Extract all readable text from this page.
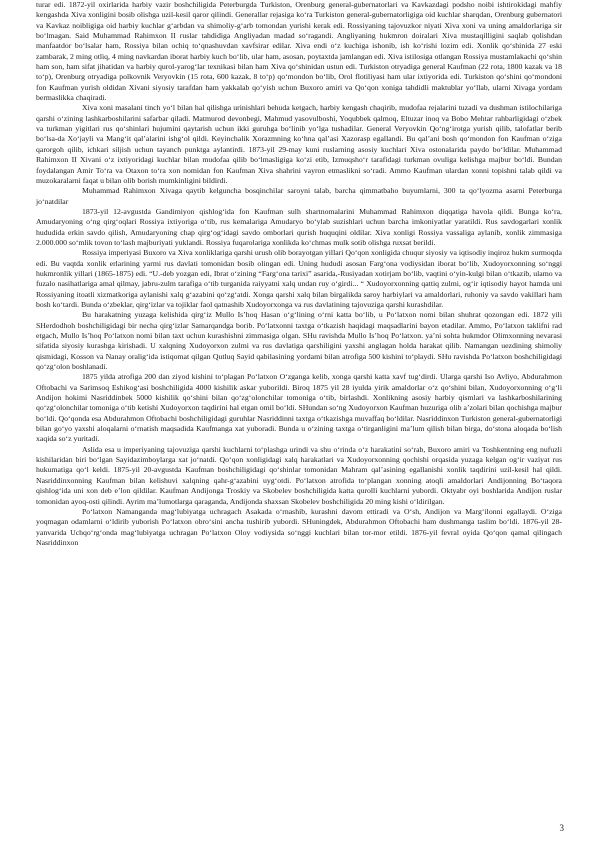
turar edi. 1872-yil oxirlarida harbiy vazir boshchiligida Peterburgda Turkiston, Orenburg general-gubernatorlari va Kavkazdagi podsho noibi ishtirokidagi mahfiy kengashda Xiva xonligini bosib olishga uzil-kesil qaror qilindi. Generallar rejasiga ko‘ra Turkiston general-gubernatorligiga oid kuchlar sharqdan, Orenburg gubernatori va Kavkaz noibligiga oid harbiy kuchlar g‘arbdan va shimoliy-g‘arb tomondan yurishi kerak edi. Rossiyaning tajovuzkor niyati Xiva xoni va uning amaldorlariga sir bo‘lmagan. Said Muhammad Rahimxon II ruslar tahdidiga Angliyadan madad so‘ragandi. Angliyaning hukmron doiralari Xiva mustaqilligini saqlab qolishdan manfaatdor bo‘lsalar ham, Rossiya bilan ochiq to‘qnashuvdan xavfsirar edilar. Xiva endi o‘z kuchiga ishonib, ish ko‘rishi lozim edi. Xonlik qo‘shinida 27 eski zambarak, 2 ming otliq, 4 ming navkardan iborat harbiy kuch bo‘lib, ular ham, asosan, poytaxtda jamlangan edi. Xiva istilosiga otlangan Rossiya mustamlakachi qo‘shin ham son, ham sifat jihatidan va harbiy qurol-yarog‘lar texnikasi bilan ham Xiva qo‘shinidan ustun edi. Turkiston otryadiga general Kaufman (22 rota, 1800 kazak va 18 to‘p), Orenburg otryadiga polkovnik Veryovkin (15 rota, 600 kazak, 8 to‘p) qo‘mondon bo‘lib, Orol flotiliyasi ham ular ixtiyorida edi. Turkiston qo‘shini qo‘mondoni fon Kaufman yurish oldidan Xivani siyosiy tarafdan ham yakkalab qo‘yish uchun Buxoro amiri va Qo‘qon xoniga tahdidli maktublar yo‘llab, ularni Xivaga yordam bermaslikka chaqiradi.

Xiva xoni masalani tinch yo‘l bilan hal qilishga urinishlari behuda ketgach, harbiy kengash chaqirib, mudofaa rejalarini tuzadi va dushman istilochilariga qarshi o‘zining lashkarboshilarini safarbar qiladi. Matmurod devonbegi, Mahmud yasovulboshi, Yoqubbek qalmoq, Eltuzar inoq va Bobo Mehtar rahbarligidagi o‘zbek va turkman yigitlari rus qo‘shinlari hujumini qaytarish uchun ikki guruhga bo‘linib yo‘lga tushadilar. General Veryovkin Qo‘ng‘irotga yurish qilib, talofatlar berib bo‘lsa-da Xo‘jayli va Mang‘it qal’alarini ishg‘ol qildi. Keyinchalik Xorazmning ko‘hna qal’asi Xazorasp egallandi. Bu qal’ani bosh qo‘mondon fon Kaufman o‘ziga qarorgoh qilib, ichkari siljish uchun tayanch punktga aylantirdi. 1873-yil 29-may kuni ruslarning asosiy kuchlari Xiva ostonalarida paydo bo‘ldilar. Muhammad Rahimxon II Xivani o‘z ixtiyoridagi kuchlar bilan mudofaa qilib bo‘lmasligiga ko‘zi etib, Izmuqsho‘r tarafidagi turkman ovuliga kelishga majbur bo‘ldi. Bundan foydalangan Amir To‘ra va Otaxon to‘ra xon nomidan fon Kaufman Xiva shahrini vayron etmaslikni so‘radi. Ammo Kaufman ulardan xonni topishni talab qildi va muzokaralarni faqat u bilan olib borish mumkinligini bildirdi.

Muhammad Rahimxon Xivaga qaytib kelguncha bosqinchilar saroyni talab, barcha qimmatbaho buyumlarni, 300 ta qo‘lyozma asarni Peterburga jo‘natdilar

1873-yil 12-avgustda Gandimiyon qishlog‘ida fon Kaufman sulh shartnomalarini Muhammad Rahimxon diqqatiga havola qildi. Bunga ko‘ra, Amudaryoning o‘ng qirg‘oqlari Rossiya ixtiyoriga o‘tib, rus kemalariga Amudaryo bo‘ylab suzishlari uchun barcha imkoniyatlar yaratildi. Rus savdogarlari xonlik hududida erkin savdo qilish, Amudaryoning chap qirg‘og‘idagi savdo omborlari qurish huquqini oldilar. Xiva xonligi Rossiya vassaliga aylanib, xonlik zimmasiga 2.000.000 so‘mlik tovon to‘lash majburiyati yuklandi. Rossiya fuqarolariga xonlikda ko‘chmas mulk sotib olishga ruxsat berildi.

Rossiya imperiyasi Buxoro va Xiva xonliklariga qarshi urush olib borayotgan yillari Qo‘qon xonligida chuqur siyosiy va iqtisodiy inqiroz hukm surmoqda edi. Bu vaqtda xonlik erlarining yarmi rus davlati tomonidan bosib olingan edi. Uning hududi asosan Farg‘ona vodiysidan iborat bo‘lib, Xudoyorxonning so‘nggi hukmronlik yillari (1865-1875) edi. “U.-deb yozgan edi, Ibrat o‘zining “Farg‘ona tarixi” asarida,-Rusiyadan xotirjam bo‘lib, vaqtini o‘yin-kulgi bilan o‘tkazib, ulamo va fuzalo nasihatlariga amal qilmay, jabru-zulm tarafiga o‘tib turganida raiyyatni xalq undan ruy o‘girdi... “ Xudoyorxonning qattiq zulmi, og‘ir iqtisodiy hayot hamda uni Rossiyaning itoatli xizmatkoriga aylanishi xalq g‘azabini qo‘zg‘atdi. Xonga qarshi xalq bilan birgalikda saroy harbiylari va amaldorlari, ruhoniy va savdo vakillari ham bosh ko‘tardi. Bunda o‘zbeklar, qirg‘izlar va tojiklar faol qatnashib Xudoyorxonga va rus davlatining tajovuziga qarshi kurashdilar.

Bu harakatning yuzaga kelishida qirg‘iz Mullo Is’hoq Hasan o‘g‘lining o‘rni katta bo‘lib, u Po‘latxon nomi bilan shuhrat qozongan edi. 1872 yili SHerdodhoh boshchiligidagi bir necha qirg‘izlar Samarqandga borib. Po‘latxonni taxtga o‘tkazish haqidagi maqsadlarini bayon etadilar. Ammo, Po‘latxon taklifni rad etgach, Mullo Is’hoq Po‘latxon nomi bilan taxt uchun kurashishni zimmasiga olgan. SHu ravishda Mullo Is’hoq Po‘latxon. ya’ni sohta hukmdor Olimxonning nevarasi sifatida siyosiy kurashga kirishadi. U xalqning Xudoyorxon zulmi va rus davlatiga qarshiligini yaxshi anglagan holda harakat qilib. Namangan uezdining shimoliy qismidagi, Kosson va Nanay oralig‘ida istiqomat qilgan Qutluq Sayid qabilasining yordami bilan atrofiga 500 kishini to‘playdi. SHu ravishda Po‘latxon boshchiligidagi qo‘zg‘olon boshlanadi.

1875 yilda atrofiga 200 dan ziyod kishini to‘plagan Po‘latxon O‘zganga kelib, xonga qarshi katta xavf tug‘dirdi. Ularga qarshi Iso Avliyo, Abdurahmon Oftobachi va Sarimsoq Eshikog‘asi boshchiligida 4000 kishilik askar yuborildi. Biroq 1875 yil 28 iyulda yirik amaldorlar o‘z qo‘shini bilan, Xudoyorxonning o‘g‘li Andijon hokimi Nasriddinbek 5000 kishilik qo‘shini bilan qo‘zg‘olonchilar tomoniga o‘tib, birlashdi. Xonlikning asosiy harbiy qismlari va lashkarboshilarining qo‘zg‘olonchilar tomoniga o‘tib ketishi Xudoyorxon taqdirini hal etgan omil bo‘ldi. SHundan so‘ng Xudoyorxon Kaufman huzuriga olib a’zolari bilan qochishga majbur bo‘ldi. Qo‘qonda esa Abdurahmon Oftobachi boshchiligidagi guruhlar Nasriddinni taxtga o‘tkazishga muvaffaq bo‘ldilar. Nasriddinxon Turkiston general-gubernatorligi bilan go‘yo yaxshi aloqalarni o‘rnatish maqsadida Kaufmanga xat yuboradi. Bunda u o‘zining taxtga o‘tirganligini ma’lum qilish bilan birga, do‘stona aloqada bo‘lish xaqida so‘z yuritadi.

Aslida esa u imperiyaning tajovuziga qarshi kuchlarni to‘plashga urindi va shu o‘rinda o‘z harakatini so‘rab, Buxoro amiri va Toshkentning eng nufuzli kishilaridan biri bo‘lgan Sayidazimboylarga xat jo‘natdi. Qo‘qon xonligidagi xalq harakatlari va Xudoyorxonning qochishi orqasida yuzaga kelgan og‘ir vaziyat rus hukumatiga qo‘l keldi. 1875-yil 20-avgustda Kaufman boshchiligidagi qo‘shinlar tomonidan Mahram qal’asining egallanishi xonlik taqdirini uzil-kesil hal qildi. Nasriddinxonning Kaufman bilan kelishuvi xalqning qahr-g‘azabini uyg‘otdi. Po‘latxon atrofida to‘plangan xonning atoqli amaldorlari Andijonning Bo‘taqora qishlog‘ida uni xon deb e’lon qildilar. Kaufman Andijonga Troskiy va Skobelev boshchiligida katta qurolli kuchlarni yubordi. Oktyabr oyi boshlarida Andijon ruslar tomonidan ayoq-osti qilindi. Ayrim ma’lumotlarga qaraganda, Andijonda shaxsan Skobelev boshchiligida 20 ming kishi o‘ldirilgan.

Po‘latxon Namanganda mag‘lubiyatga uchragach Asakada o‘rnashib, kurashni davom ettiradi va O‘sh, Andijon va Marg‘ilonni egallaydi. O‘ziga yoqmagan odamlarni o‘ldirib yuborish Po‘latxon obro‘sini ancha tushirib yubordi. SHuningdek, Abdurahmon Oftobachi ham dushmanga taslim bo‘ldi. 1876-yil 28-yanvarida Uchqo‘rg‘onda mag‘lubiyatga uchragan Po‘latxon Oloy vodiysida so‘nggi kuchlari bilan tor-mor etildi. 1876-yil fevral oyida Qo‘qon qamal qilingach Nasriddinxon

3
